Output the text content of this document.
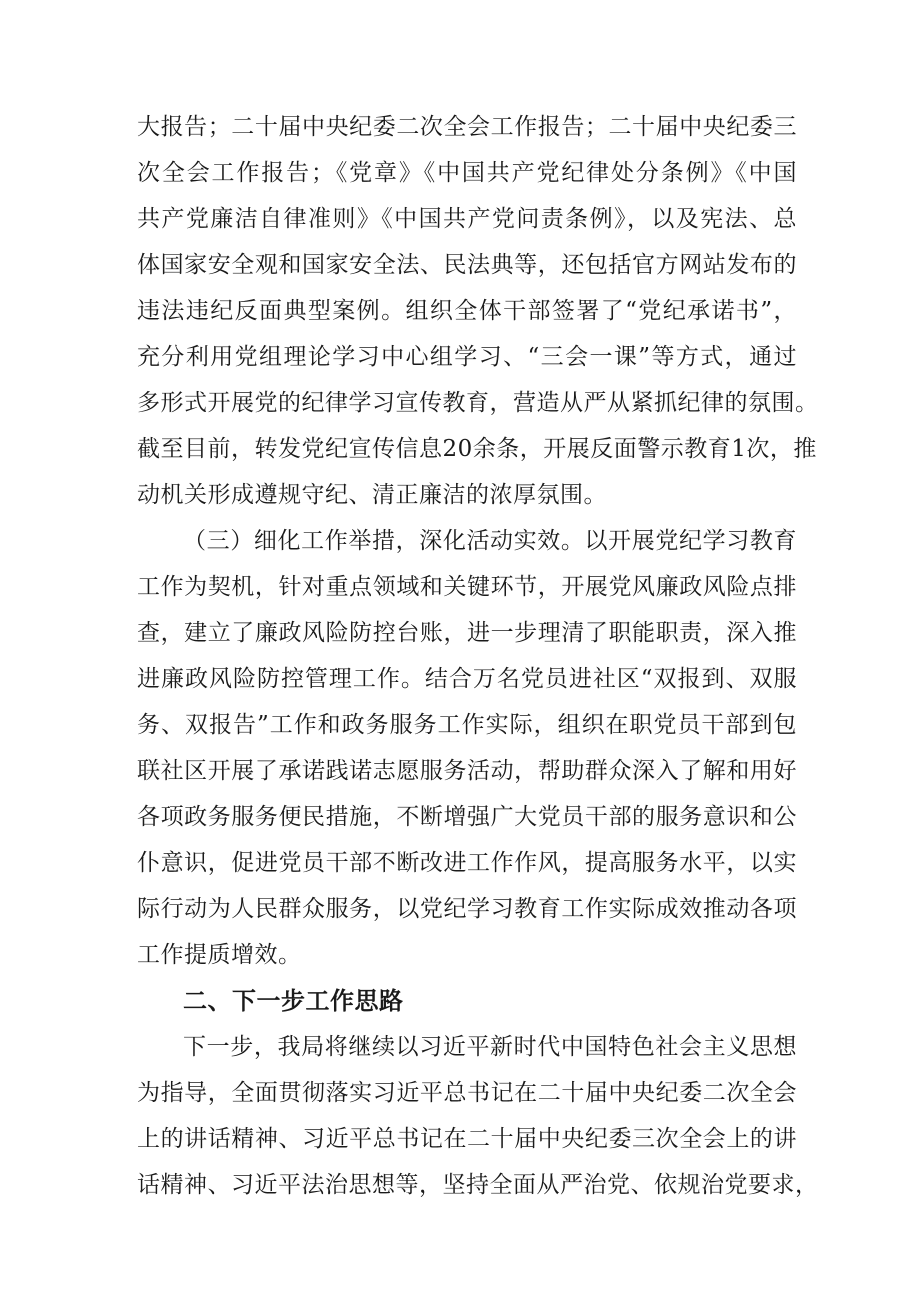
大报告；二十届中央纪委二次全会工作报告；二十届中央纪委三
次全会工作报告；《党章》《中国共产党纪律处分条例》《中国
共产党廉洁自律准则》《中国共产党问责条例》，以及宪法、总
体国家安全观和国家安全法、民法典等，还包括官方网站发布的
违法违纪反面典型案例。组织全体干部签署了“党纪承诺书”，
充分利用党组理论学习中心组学习、“三会一课”等方式，通过
多形式开展党的纪律学习宣传教育，营造从严从紧抓纪律的氛围。
截至目前，转发党纪宣传信息20余条，开展反面警示教育1次，推
动机关形成遵规守纪、清正廉洁的浓厚氛围。
（三）细化工作举措，深化活动实效。以开展党纪学习教育
工作为契机，针对重点领域和关键环节，开展党风廉政风险点排
查，建立了廉政风险防控台账，进一步理清了职能职责，深入推
进廉政风险防控管理工作。结合万名党员进社区“双报到、双服
务、双报告”工作和政务服务工作实际，组织在职党员干部到包
联社区开展了承诺践诺志愿服务活动，帮助群众深入了解和用好
各项政务服务便民措施，不断增强广大党员干部的服务意识和公
仆意识，促进党员干部不断改进工作作风，提高服务水平，以实
际行动为人民群众服务，以党纪学习教育工作实际成效推动各项
工作提质增效。
二、下一步工作思路
下一步，我局将继续以习近平新时代中国特色社会主义思想
为指导，全面贯彻落实习近平总书记在二十届中央纪委二次全会
上的讲话精神、习近平总书记在二十届中央纪委三次全会上的讲
话精神、习近平法治思想等，坚持全面从严治党、依规治党要求，
